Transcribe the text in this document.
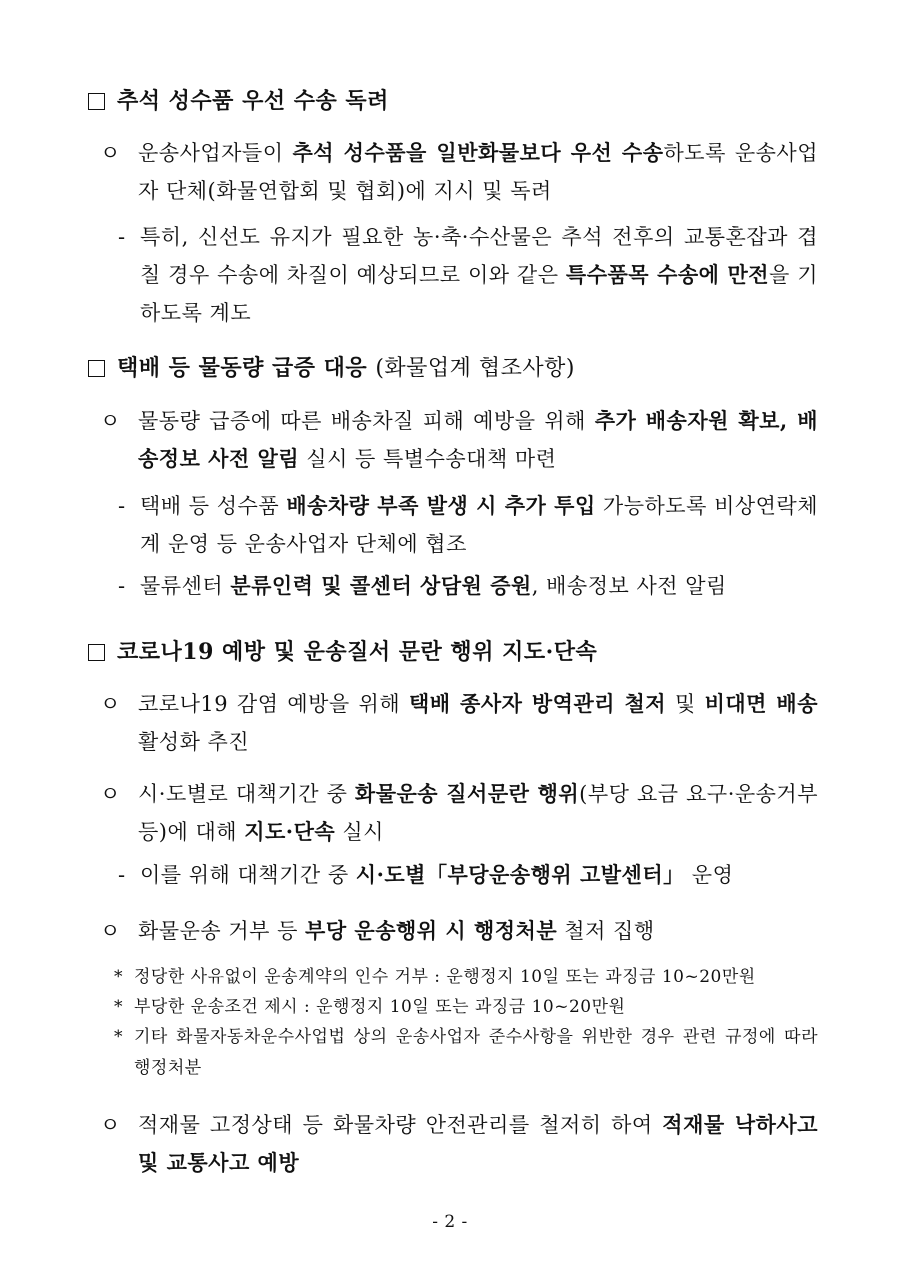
추석 성수품 우선 수송 독려
ㅇ 운송사업자들이 추석 성수품을 일반화물보다 우선 수송하도록 운송사업자 단체(화물연합회 및 협회)에 지시 및 독려
- 특히, 신선도 유지가 필요한 농·축·수산물은 추석 전후의 교통혼잡과 겹칠 경우 수송에 차질이 예상되므로 이와 같은 특수품목 수송에 만전을 기하도록 계도
택배 등 물동량 급증 대응 (화물업계 협조사항)
ㅇ 물동량 급증에 따른 배송차질 피해 예방을 위해 추가 배송자원 확보, 배송정보 사전 알림 실시 등 특별수송대책 마련
- 택배 등 성수품 배송차량 부족 발생 시 추가 투입 가능하도록 비상연락체계 운영 등 운송사업자 단체에 협조
- 물류센터 분류인력 및 콜센터 상담원 증원, 배송정보 사전 알림
코로나19 예방 및 운송질서 문란 행위 지도·단속
ㅇ 코로나19 감염 예방을 위해 택배 종사자 방역관리 철저 및 비대면 배송 활성화 추진
ㅇ 시·도별로 대책기간 중 화물운송 질서문란 행위(부당 요금 요구·운송거부 등)에 대해 지도·단속 실시
- 이를 위해 대책기간 중 시·도별「부당운송행위 고발센터」 운영
ㅇ 화물운송 거부 등 부당 운송행위 시 행정처분 철저 집행
* 정당한 사유없이 운송계약의 인수 거부 : 운행정지 10일 또는 과징금 10~20만원
* 부당한 운송조건 제시 : 운행정지 10일 또는 과징금 10~20만원
* 기타 화물자동차운수사업법 상의 운송사업자 준수사항을 위반한 경우 관련 규정에 따라 행정처분
ㅇ 적재물 고정상태 등 화물차량 안전관리를 철저히 하여 적재물 낙하사고 및 교통사고 예방
- 2 -
